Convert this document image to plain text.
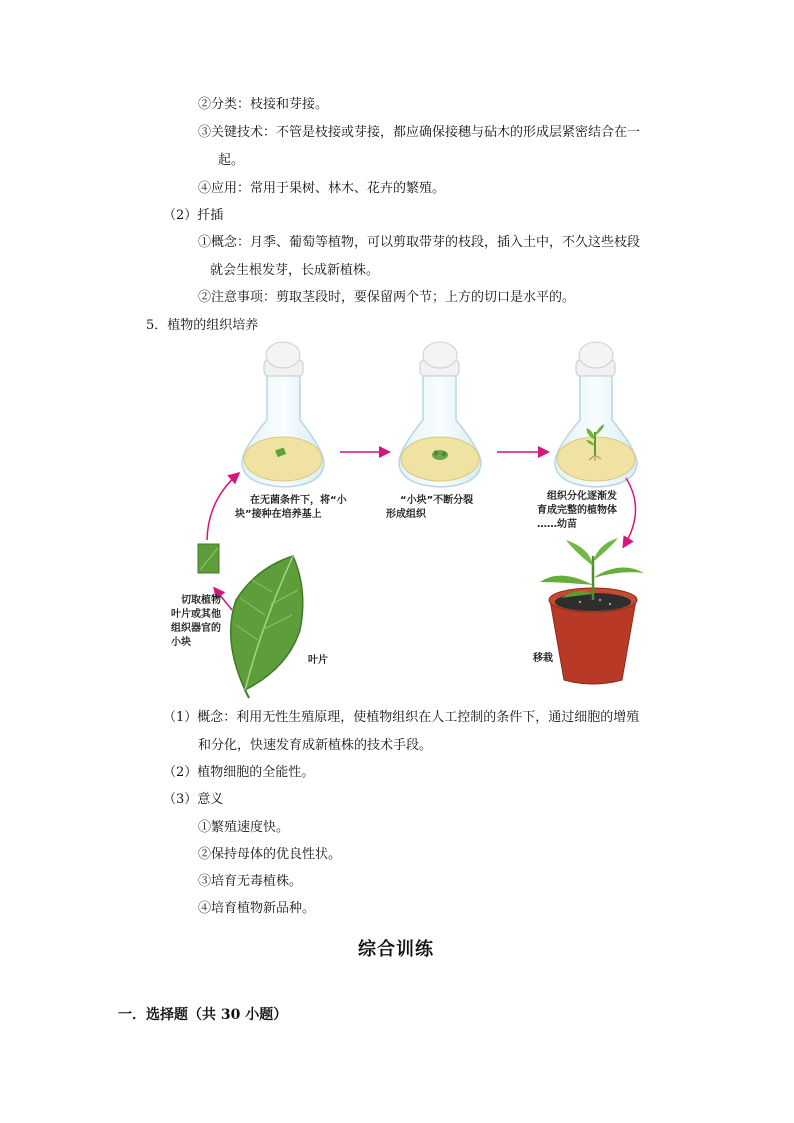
②分类：枝接和芽接。
③关键技术：不管是枝接或芽接，都应确保接穗与砧木的形成层紧密结合在一
起。
④应用：常用于果树、林木、花卉的繁殖。
（2）扦插
①概念：月季、葡萄等植物，可以剪取带芽的枝段，插入土中，不久这些枝段
就会生根发芽，长成新植株。
②注意事项：剪取茎段时，要保留两个节；上方的切口是水平的。
5．植物的组织培养
在无菌条件下，将“小
块”接种在培养基上
“小块”不断分裂
形成组织
组织分化逐渐发
育成完整的植物体
……幼苗
切取植物
叶片或其他
组织器官的
小块
叶片	移栽
（1）概念：利用无性生殖原理，使植物组织在人工控制的条件下，通过细胞的增殖
和分化，快速发育成新植株的技术手段。
（2）植物细胞的全能性。
（3）意义
①繁殖速度快。
②保持母体的优良性状。
③培育无毒植株。
④培育植物新品种。
综合训练
一．选择题（共 30 小题）
